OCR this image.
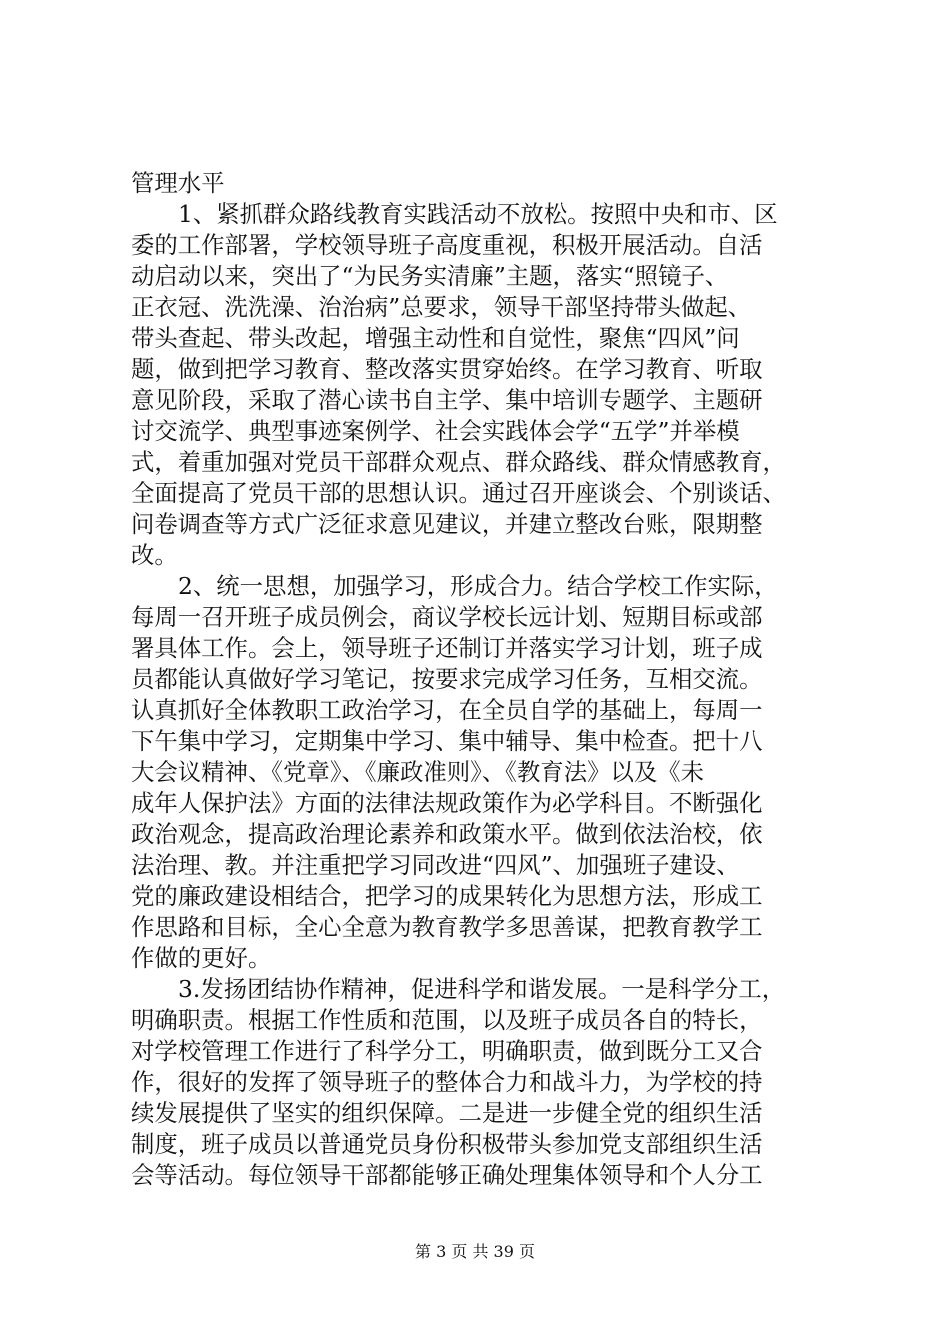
管理水平
1、紧抓群众路线教育实践活动不放松。按照中央和市、区
委的工作部署，学校领导班子高度重视，积极开展活动。自活
动启动以来，突出了“为民务实清廉”主题，落实“照镜子、
正衣冠、洗洗澡、治治病”总要求，领导干部坚持带头做起、
带头查起、带头改起，增强主动性和自觉性，聚焦“四风”问
题，做到把学习教育、整改落实贯穿始终。在学习教育、听取
意见阶段，采取了潜心读书自主学、集中培训专题学、主题研
讨交流学、典型事迹案例学、社会实践体会学“五学”并举模
式，着重加强对党员干部群众观点、群众路线、群众情感教育，
全面提高了党员干部的思想认识。通过召开座谈会、个别谈话、
问卷调查等方式广泛征求意见建议，并建立整改台账，限期整
改。
2、统一思想，加强学习，形成合力。结合学校工作实际，
每周一召开班子成员例会，商议学校长远计划、短期目标或部
署具体工作。会上，领导班子还制订并落实学习计划，班子成
员都能认真做好学习笔记，按要求完成学习任务，互相交流。
认真抓好全体教职工政治学习，在全员自学的基础上，每周一
下午集中学习，定期集中学习、集中辅导、集中检查。把十八
大会议精神、《党章》、《廉政准则》、《教育法》以及《未
成年人保护法》方面的法律法规政策作为必学科目。不断强化
政治观念，提高政治理论素养和政策水平。做到依法治校，依
法治理、教。并注重把学习同改进“四风”、加强班子建设、
党的廉政建设相结合，把学习的成果转化为思想方法，形成工
作思路和目标，全心全意为教育教学多思善谋，把教育教学工
作做的更好。
3.发扬团结协作精神，促进科学和谐发展。一是科学分工，
明确职责。根据工作性质和范围，以及班子成员各自的特长，
对学校管理工作进行了科学分工，明确职责，做到既分工又合
作，很好的发挥了领导班子的整体合力和战斗力，为学校的持
续发展提供了坚实的组织保障。二是进一步健全党的组织生活
制度，班子成员以普通党员身份积极带头参加党支部组织生活
会等活动。每位领导干部都能够正确处理集体领导和个人分工
第 3 页 共 39 页
